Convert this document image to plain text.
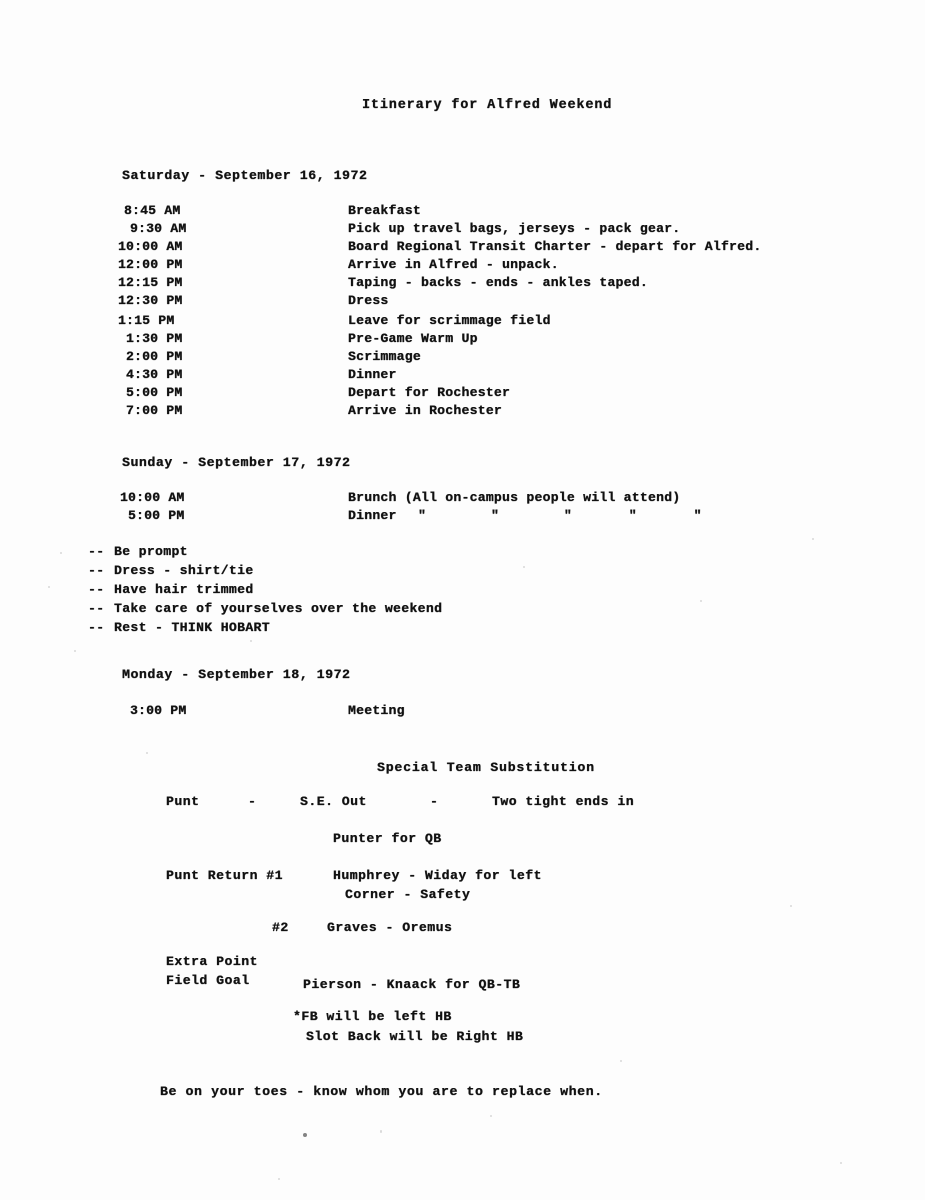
Itinerary for Alfred Weekend
Saturday - September 16, 1972
8:45 AM	Breakfast
9:30 AM	Pick up travel bags, jerseys - pack gear.
10:00 AM	Board Regional Transit Charter - depart for Alfred.
12:00 PM	Arrive in Alfred - unpack.
12:15 PM	Taping - backs - ends - ankles taped.
12:30 PM	Dress
1:15 PM	Leave for scrimmage field
1:30 PM	Pre-Game Warm Up
2:00 PM	Scrimmage
4:30 PM	Dinner
5:00 PM	Depart for Rochester
7:00 PM	Arrive in Rochester
Sunday - September 17, 1972
10:00 AM	Brunch (All on-campus people will attend)
5:00 PM	Dinner "        "        "       "       "
-- Be prompt
-- Dress - shirt/tie
-- Have hair trimmed
-- Take care of yourselves over the weekend
-- Rest - THINK HOBART
Monday - September 18, 1972
3:00 PM	Meeting
Special Team Substitution
Punt	-	S.E. Out	-	Two tight ends in
Punter for QB
Punt Return #1	Humphrey - Widay for left
Corner - Safety
#2	Graves - Oremus
Extra Point
Field Goal	Pierson - Knaack for QB-TB
*FB will be left HB
Slot Back will be Right HB
Be on your toes - know whom you are to replace when.
